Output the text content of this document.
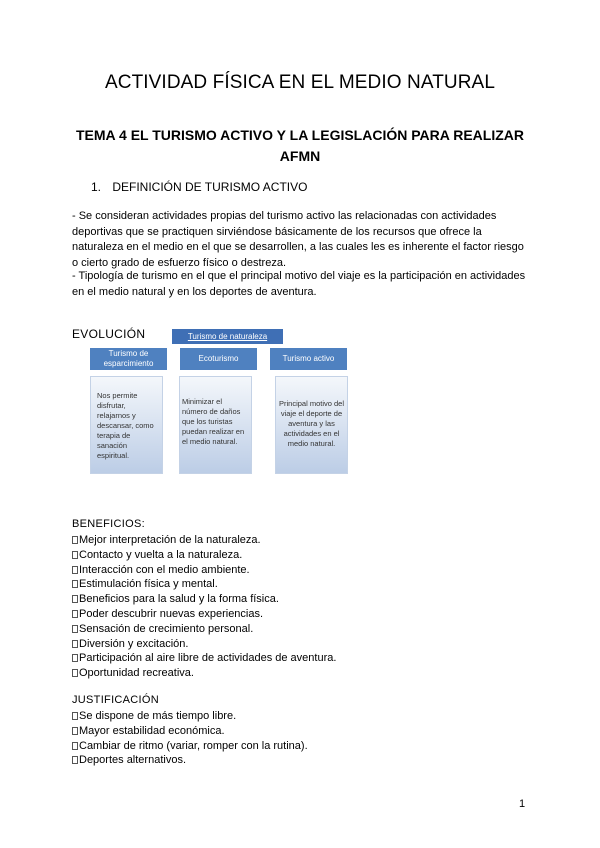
ACTIVIDAD FÍSICA EN EL MEDIO NATURAL
TEMA 4 EL TURISMO ACTIVO Y LA LEGISLACIÓN PARA REALIZAR AFMN
1. DEFINICIÓN DE TURISMO ACTIVO
- Se consideran actividades propias del turismo activo las relacionadas con actividades deportivas que se practiquen sirviéndose básicamente de los recursos que ofrece la naturaleza en el medio en el que se desarrollen, a las cuales les es inherente el factor riesgo o cierto grado de esfuerzo físico o destreza.
- Tipología de turismo en el que el principal motivo del viaje es la participación en actividades en el medio natural y en los deportes de aventura.
EVOLUCIÓN	Turismo de naturaleza
Turismo de esparcimiento
Ecoturismo	Turismo activo
Nos permite disfrutar, relajarnos y descansar, como terapia de sanación espiritual.
Minimizar el número de daños que los turistas puedan realizar en el medio natural.
Principal motivo del viaje el deporte de aventura y las actividades en el medio natural.
BENEFICIOS:
Mejor interpretación de la naturaleza.
Contacto y vuelta a la naturaleza.
Interacción con el medio ambiente.
Estimulación física y mental.
Beneficios para la salud y la forma física.
Poder descubrir nuevas experiencias.
Sensación de crecimiento personal.
Diversión y excitación.
Participación al aire libre de actividades de aventura.
Oportunidad recreativa.
JUSTIFICACIÓN
Se dispone de más tiempo libre.
Mayor estabilidad económica.
Cambiar de ritmo (variar, romper con la rutina).
Deportes alternativos.
1
